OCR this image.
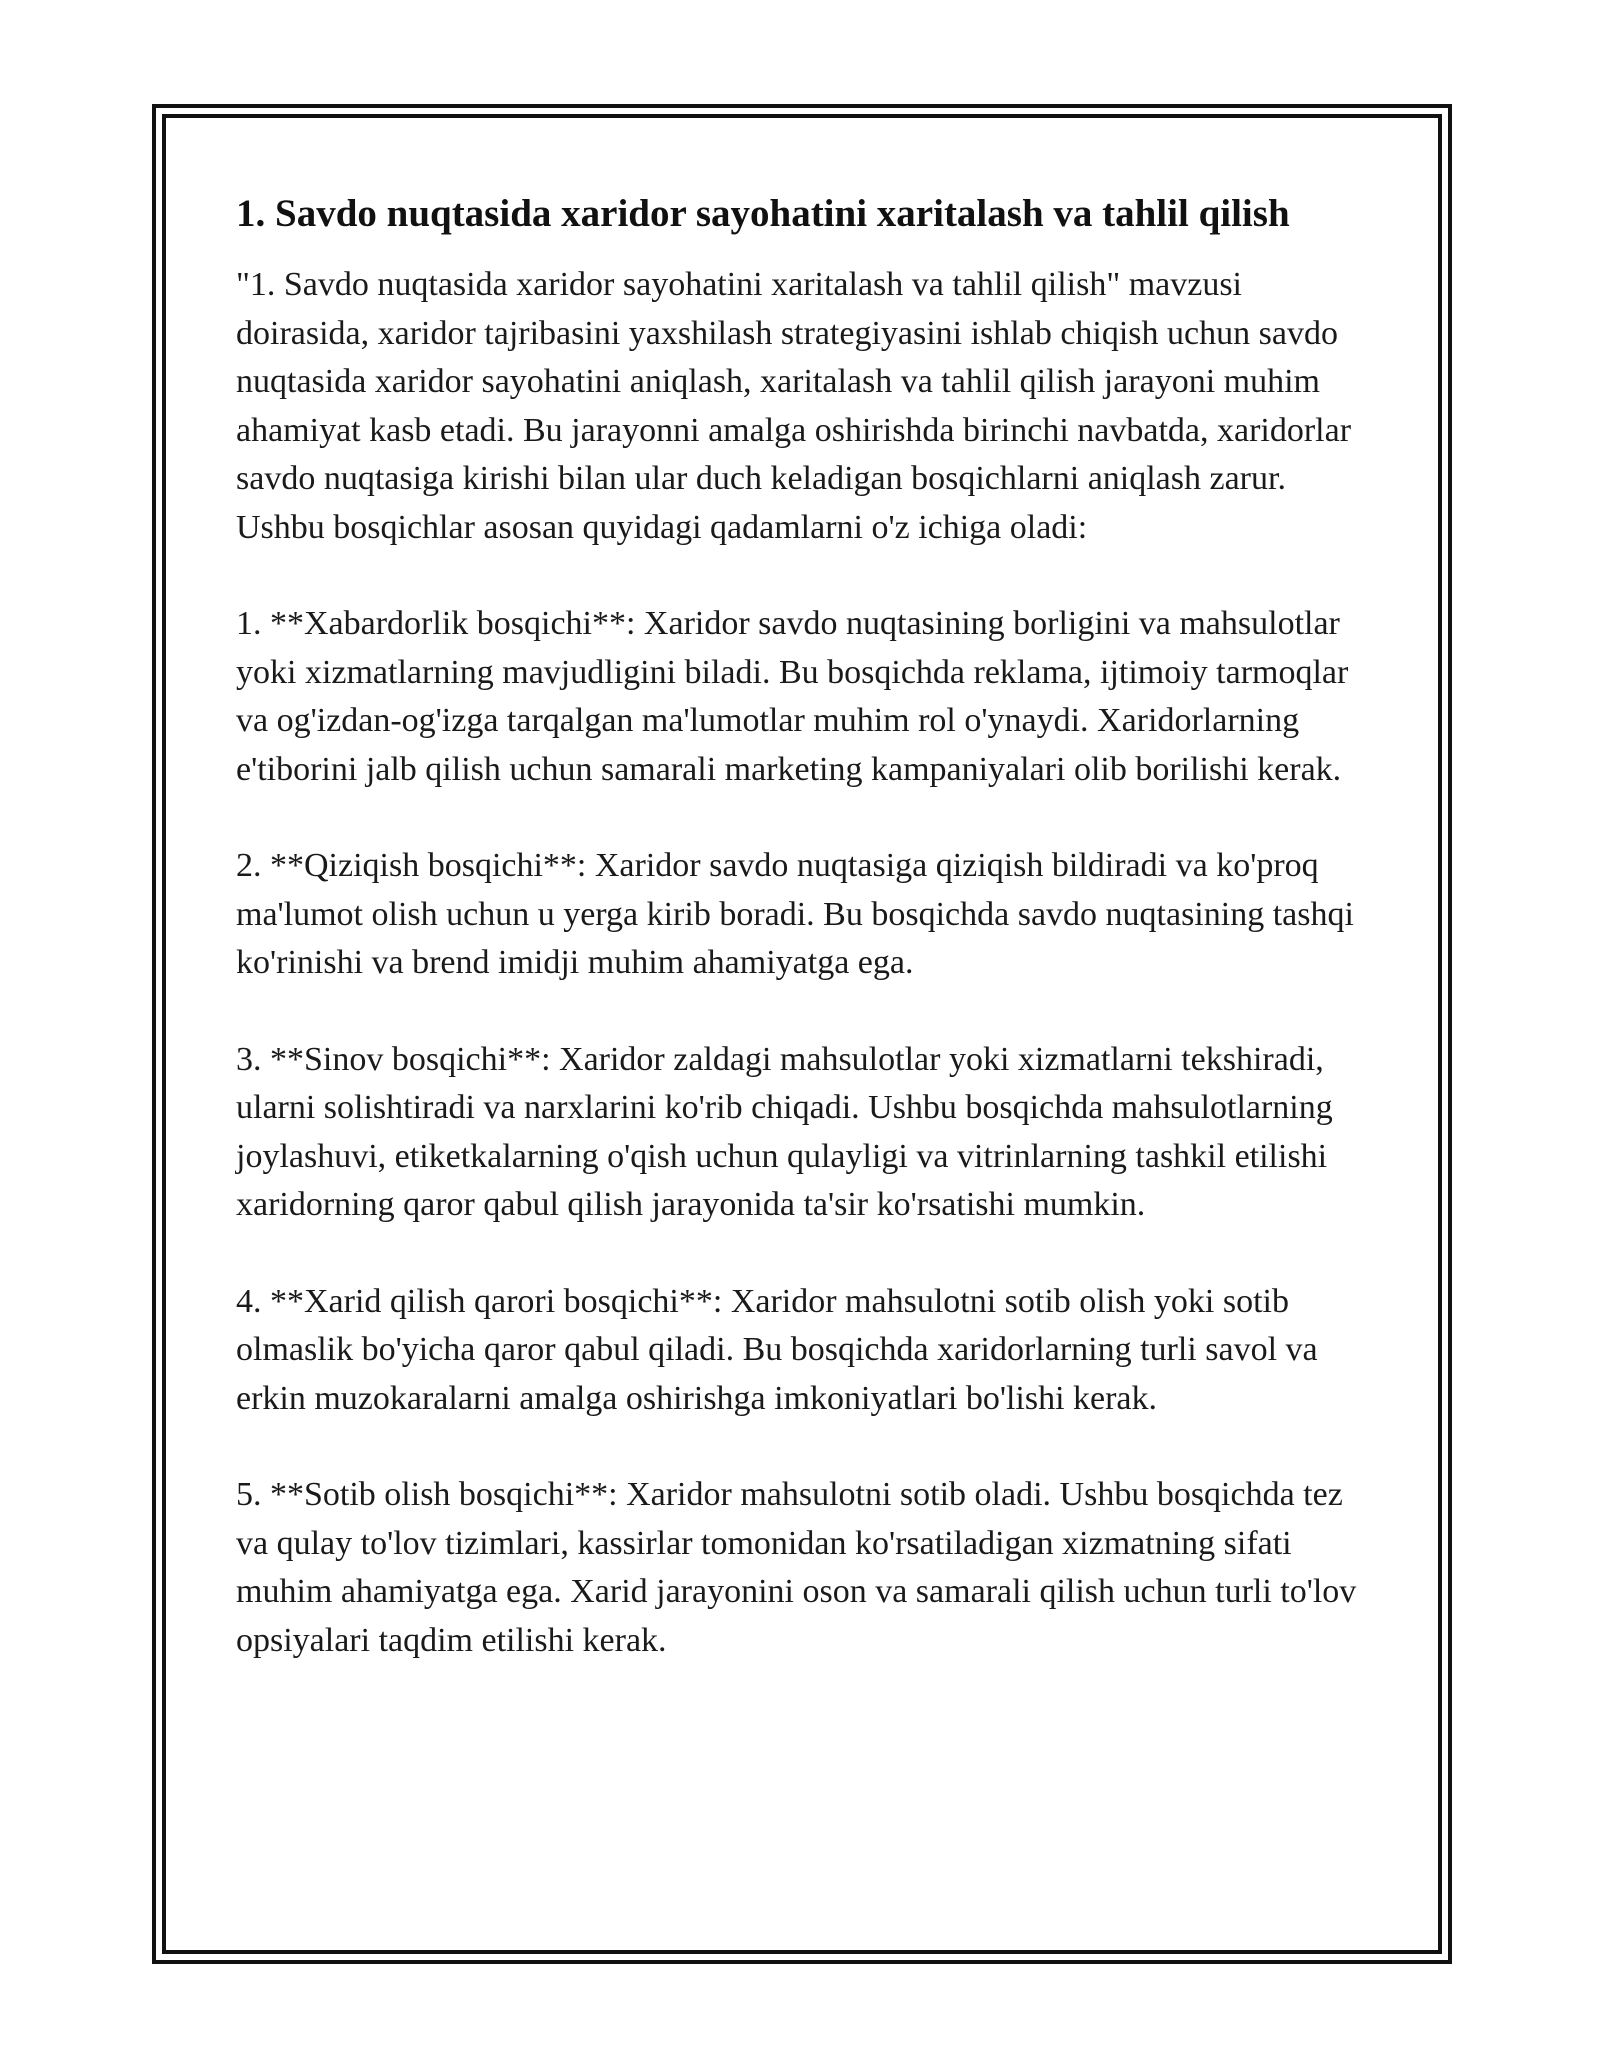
1. Savdo nuqtasida xaridor sayohatini xaritalash va tahlil qilish

"1. Savdo nuqtasida xaridor sayohatini xaritalash va tahlil qilish" mavzusi doirasida, xaridor tajribasini yaxshilash strategiyasini ishlab chiqish uchun savdo nuqtasida xaridor sayohatini aniqlash, xaritalash va tahlil qilish jarayoni muhim ahamiyat kasb etadi. Bu jarayonni amalga oshirishda birinchi navbatda, xaridorlar savdo nuqtasiga kirishi bilan ular duch keladigan bosqichlarni aniqlash zarur. Ushbu bosqichlar asosan quyidagi qadamlarni o'z ichiga oladi:

1. **Xabardorlik bosqichi**: Xaridor savdo nuqtasining borligini va mahsulotlar yoki xizmatlarning mavjudligini biladi. Bu bosqichda reklama, ijtimoiy tarmoqlar va og'izdan-og'izga tarqalgan ma'lumotlar muhim rol o'ynaydi. Xaridorlarning e'tiborini jalb qilish uchun samarali marketing kampaniyalari olib borilishi kerak.

2. **Qiziqish bosqichi**: Xaridor savdo nuqtasiga qiziqish bildiradi va ko'proq ma'lumot olish uchun u yerga kirib boradi. Bu bosqichda savdo nuqtasining tashqi ko'rinishi va brend imidji muhim ahamiyatga ega.

3. **Sinov bosqichi**: Xaridor zaldagi mahsulotlar yoki xizmatlarni tekshiradi, ularni solishtiradi va narxlarini ko'rib chiqadi. Ushbu bosqichda mahsulotlarning joylashuvi, etiketkalarning o'qish uchun qulayligi va vitrinlarning tashkil etilishi xaridorning qaror qabul qilish jarayonida ta'sir ko'rsatishi mumkin.

4. **Xarid qilish qarori bosqichi**: Xaridor mahsulotni sotib olish yoki sotib olmaslik bo'yicha qaror qabul qiladi. Bu bosqichda xaridorlarning turli savol va erkin muzokaralarni amalga oshirishga imkoniyatlari bo'lishi kerak.

5. **Sotib olish bosqichi**: Xaridor mahsulotni sotib oladi. Ushbu bosqichda tez va qulay to'lov tizimlari, kassirlar tomonidan ko'rsatiladigan xizmatning sifati muhim ahamiyatga ega. Xarid jarayonini oson va samarali qilish uchun turli to'lov opsiyalari taqdim etilishi kerak.
